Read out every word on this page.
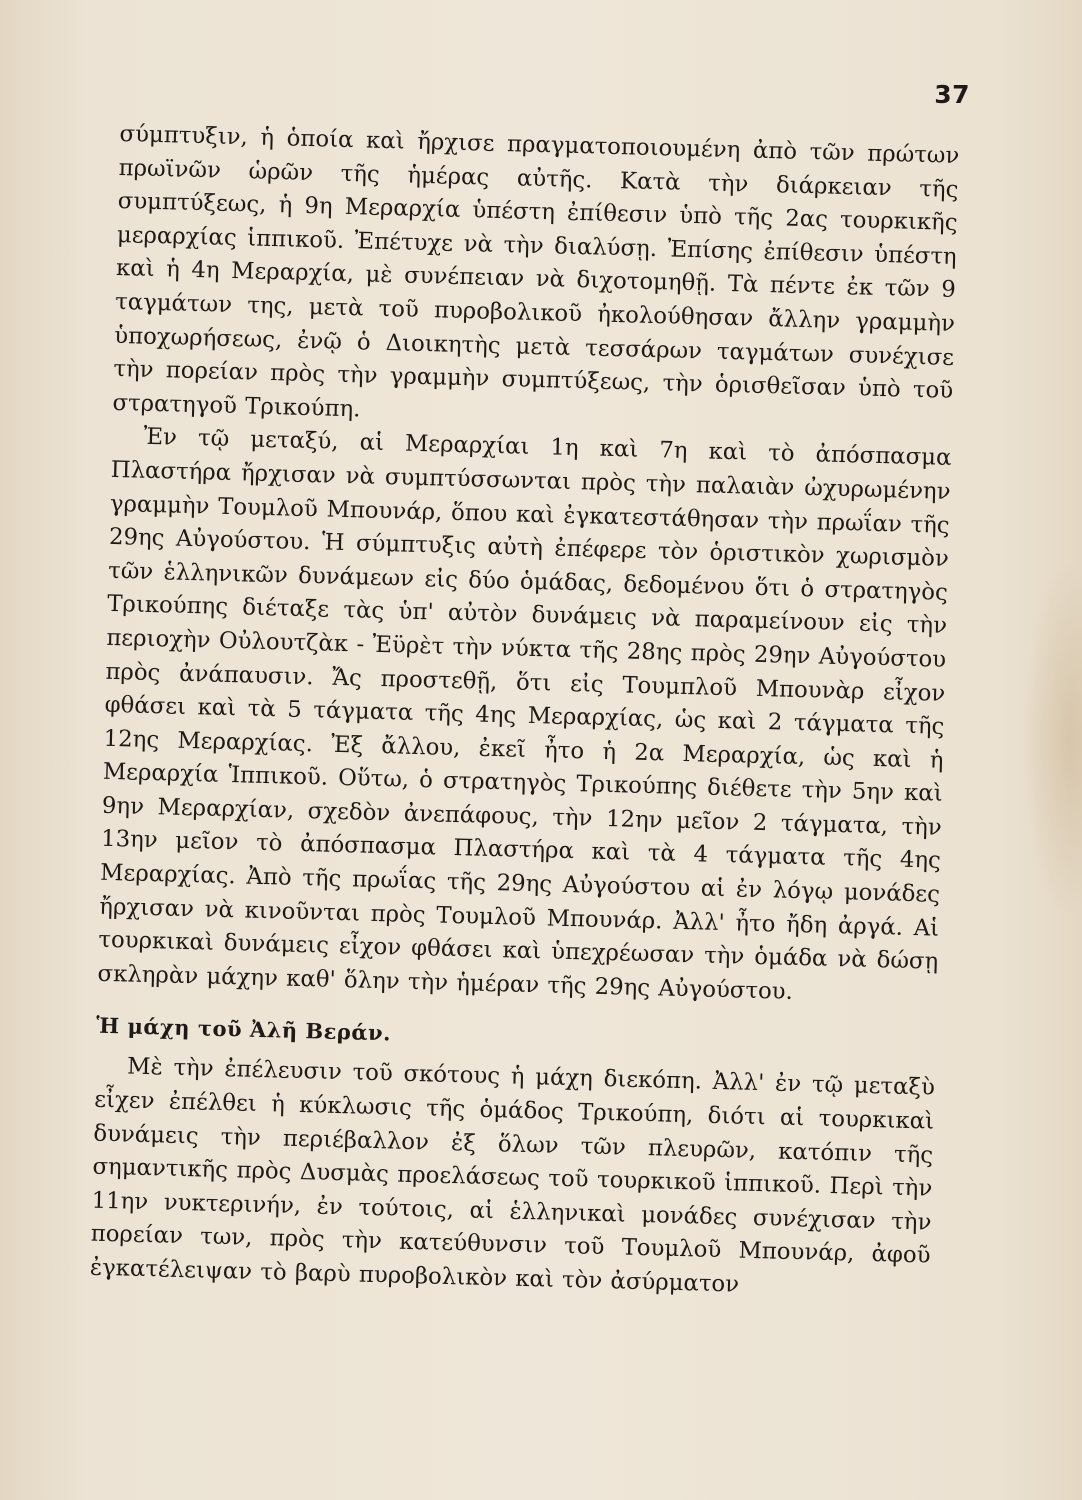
37

σύμπτυξιν, ἡ ὁποία καὶ ἤρχισε πραγματοποιουμένη ἀπὸ τῶν πρώτων πρωϊνῶν ὡρῶν τῆς ἡμέρας αὐτῆς. Κατὰ τὴν διάρκειαν τῆς συμπτύξεως, ἡ 9η Μεραρχία ὑπέστη ἐπίθεσιν ὑπὸ τῆς 2ας τουρκικῆς μεραρχίας ἱππικοῦ. Ἐπέτυχε νὰ τὴν διαλύσῃ. Ἐπίσης ἐπίθεσιν ὑπέστη καὶ ἡ 4η Μεραρχία, μὲ συνέπειαν νὰ διχοτομηθῇ. Τὰ πέντε ἐκ τῶν 9 ταγμάτων της, μετὰ τοῦ πυροβολικοῦ ἠκολούθησαν ἄλλην γραμμὴν ὑποχωρήσεως, ἐνῷ ὁ Διοικητὴς μετὰ τεσσάρων ταγμάτων συνέχισε τὴν πορείαν πρὸς τὴν γραμμὴν συμπτύξεως, τὴν ὁρισθεῖσαν ὑπὸ τοῦ στρατηγοῦ Τρικούπη.

Ἐν τῷ μεταξύ, αἱ Μεραρχίαι 1η καὶ 7η καὶ τὸ ἀπόσπασμα Πλαστήρα ἤρχισαν νὰ συμπτύσσωνται πρὸς τὴν παλαιὰν ὠχυρωμένην γραμμὴν Τουμλοῦ Μπουνάρ, ὅπου καὶ ἐγκατεστάθησαν τὴν πρωΐαν τῆς 29ης Αὐγούστου. Ἡ σύμπτυξις αὐτὴ ἐπέφερε τὸν ὁριστικὸν χωρισμὸν τῶν ἑλληνικῶν δυνάμεων εἰς δύο ὁμάδας, δεδομένου ὅτι ὁ στρατηγὸς Τρικούπης διέταξε τὰς ὑπ' αὐτὸν δυνάμεις νὰ παραμείνουν εἰς τὴν περιοχὴν Οὐλουτζὰκ - Ἐϋρὲτ τὴν νύκτα τῆς 28ης πρὸς 29ην Αὐγούστου πρὸς ἀνάπαυσιν. Ἄς προστεθῇ, ὅτι εἰς Τουμπλοῦ Μπουνὰρ εἶχον φθάσει καὶ τὰ 5 τάγματα τῆς 4ης Μεραρχίας, ὡς καὶ 2 τάγματα τῆς 12ης Μεραρχίας. Ἐξ ἄλλου, ἐκεῖ ἦτο ἡ 2α Μεραρχία, ὡς καὶ ἡ Μεραρχία Ἱππικοῦ. Οὕτω, ὁ στρατηγὸς Τρικούπης διέθετε τὴν 5ην καὶ 9ην Μεραρχίαν, σχεδὸν ἀνεπάφους, τὴν 12ην μεῖον 2 τάγματα, τὴν 13ην μεῖον τὸ ἀπόσπασμα Πλαστήρα καὶ τὰ 4 τάγματα τῆς 4ης Μεραρχίας. Ἀπὸ τῆς πρωΐας τῆς 29ης Αὐγούστου αἱ ἐν λόγῳ μονάδες ἤρχισαν νὰ κινοῦνται πρὸς Τουμλοῦ Μπουνάρ. Ἀλλ' ἦτο ἤδη ἀργά. Αἱ τουρκικαὶ δυνάμεις εἶχον φθάσει καὶ ὑπεχρέωσαν τὴν ὁμάδα νὰ δώσῃ σκληρὰν μάχην καθ' ὅλην τὴν ἡμέραν τῆς 29ης Αὐγούστου.

Ἡ μάχη τοῦ Ἀλῆ Βεράν.

Μὲ τὴν ἐπέλευσιν τοῦ σκότους ἡ μάχη διεκόπη. Ἀλλ' ἐν τῷ μεταξὺ εἶχεν ἐπέλθει ἡ κύκλωσις τῆς ὁμάδος Τρικούπη, διότι αἱ τουρκικαὶ δυνάμεις τὴν περιέβαλλον ἐξ ὅλων τῶν πλευρῶν, κατόπιν τῆς σημαντικῆς πρὸς Δυσμὰς προελάσεως τοῦ τουρκικοῦ ἱππικοῦ. Περὶ τὴν 11ην νυκτερινήν, ἐν τούτοις, αἱ ἑλληνικαὶ μονάδες συνέχισαν τὴν πορείαν των, πρὸς τὴν κατεύθυνσιν τοῦ Τουμλοῦ Μπουνάρ, ἀφοῦ ἐγκατέλειψαν τὸ βαρὺ πυροβολικὸν καὶ τὸν ἀσύρματον
